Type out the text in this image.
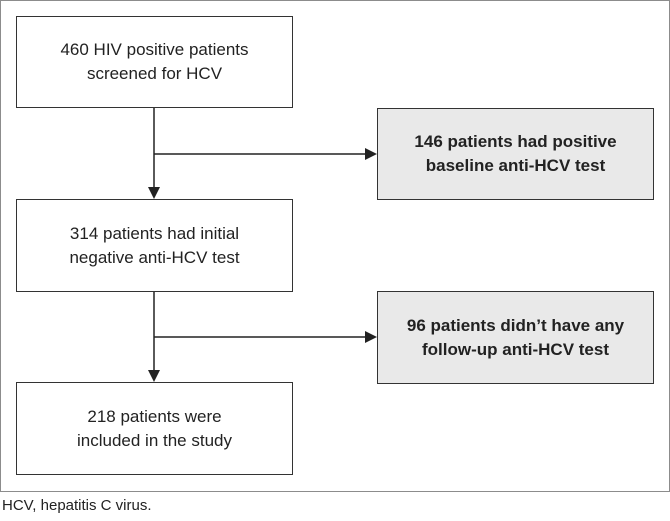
460 HIV positive patients
screened for HCV
146 patients had positive
baseline anti-HCV test
314 patients had initial
negative anti-HCV test
96 patients didn’t have any
follow-up anti-HCV test
218 patients were
included in the study
HCV, hepatitis C virus.
